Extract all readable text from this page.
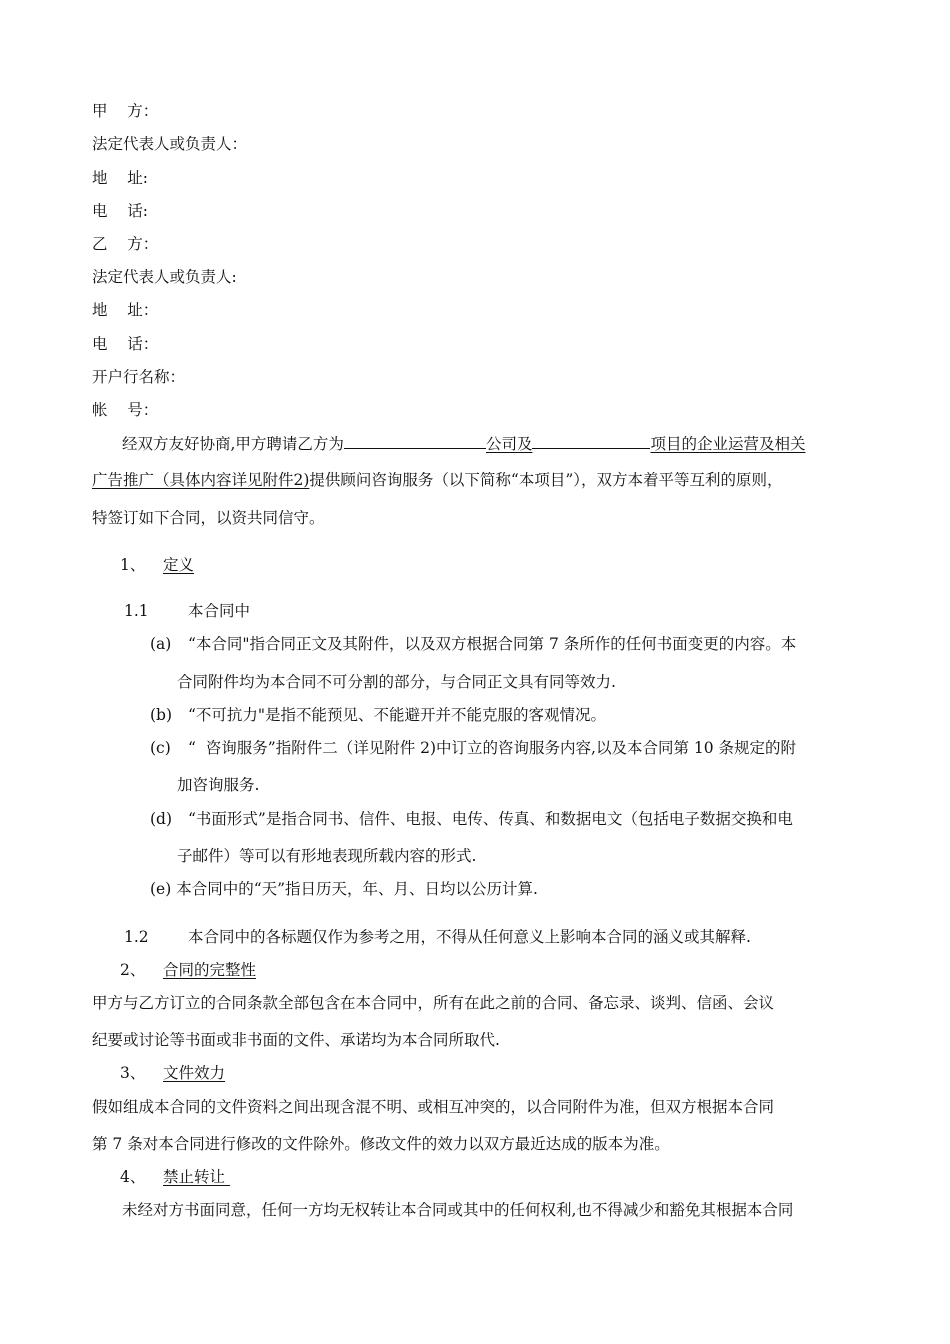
甲    方：
法定代表人或负责人：
地    址:
电    话:
乙    方：
法定代表人或负责人:
地    址：
电    话：
开户行名称：
帐    号：
经双方友好协商,甲方聘请乙方为	公司及	项目的企业运营及相关
广告推广（具体内容详见附件2)提供顾问咨询服务（以下简称“本项目”），双方本着平等互利的原则，
特签订如下合同，以资共同信守。
1、 定义
1.1	本合同中
(a) “本合同"指合同正文及其附件，以及双方根据合同第 7 条所作的任何书面变更的内容。本
合同附件均为本合同不可分割的部分，与合同正文具有同等效力.
(b) “不可抗力"是指不能预见、不能避开并不能克服的客观情况。
(c) “  咨询服务”指附件二（详见附件 2)中订立的咨询服务内容,以及本合同第 10 条规定的附
加咨询服务.
(d) “书面形式”是指合同书、信件、电报、电传、传真、和数据电文（包括电子数据交换和电
子邮件）等可以有形地表现所载内容的形式.
(e) 本合同中的“天”指日历天，年、月、日均以公历计算.
1.2	本合同中的各标题仅作为参考之用，不得从任何意义上影响本合同的涵义或其解释.
2、 合同的完整性
甲方与乙方订立的合同条款全部包含在本合同中，所有在此之前的合同、备忘录、谈判、信函、会议
纪要或讨论等书面或非书面的文件、承诺均为本合同所取代.
3、 文件效力
假如组成本合同的文件资料之间出现含混不明、或相互冲突的，以合同附件为准，但双方根据本合同
第 7 条对本合同进行修改的文件除外。修改文件的效力以双方最近达成的版本为准。
4、 禁止转让
未经对方书面同意，任何一方均无权转让本合同或其中的任何权利,也不得减少和豁免其根据本合同
